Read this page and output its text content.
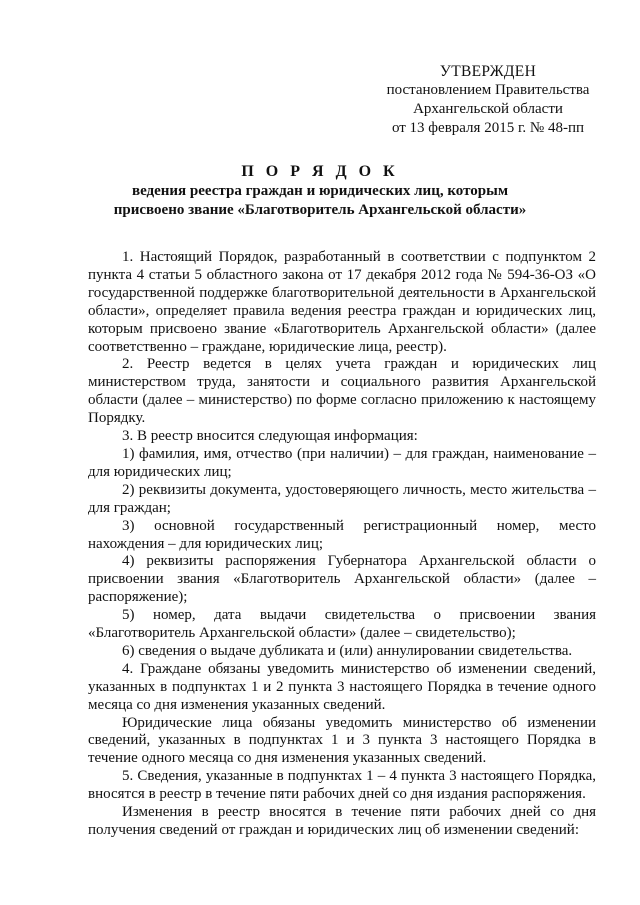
УТВЕРЖДЕН
постановлением Правительства
Архангельской области
от 13 февраля 2015 г. № 48-пп
П О Р Я Д О К
ведения реестра граждан и юридических лиц, которым
присвоено звание «Благотворитель Архангельской области»

1. Настоящий Порядок, разработанный в соответствии с подпунктом 2 пункта 4 статьи 5 областного закона от 17 декабря 2012 года № 594-36-ОЗ «О государственной поддержке благотворительной деятельности в Архангельской области», определяет правила ведения реестра граждан и юридических лиц, которым присвоено звание «Благотворитель Архангельской области» (далее соответственно – граждане, юридические лица, реестр).

2. Реестр ведется в целях учета граждан и юридических лиц министерством труда, занятости и социального развития Архангельской области (далее – министерство) по форме согласно приложению к настоящему Порядку.

3. В реестр вносится следующая информация:

1) фамилия, имя, отчество (при наличии) – для граждан, наименование – для юридических лиц;

2) реквизиты документа, удостоверяющего личность, место жительства – для граждан;

3) основной государственный регистрационный номер, место нахождения – для юридических лиц;

4) реквизиты распоряжения Губернатора Архангельской области о присвоении звания «Благотворитель Архангельской области» (далее – распоряжение);

5) номер, дата выдачи свидетельства о присвоении звания «Благотворитель Архангельской области» (далее – свидетельство);

6) сведения о выдаче дубликата и (или) аннулировании свидетельства.

4. Граждане обязаны уведомить министерство об изменении сведений, указанных в подпунктах 1 и 2 пункта 3 настоящего Порядка в течение одного месяца со дня изменения указанных сведений.

Юридические лица обязаны уведомить министерство об изменении сведений, указанных в подпунктах 1 и 3 пункта 3 настоящего Порядка в течение одного месяца со дня изменения указанных сведений.

5. Сведения, указанные в подпунктах 1 – 4 пункта 3 настоящего Порядка, вносятся в реестр в течение пяти рабочих дней со дня издания распоряжения.

Изменения в реестр вносятся в течение пяти рабочих дней со дня получения сведений от граждан и юридических лиц об изменении сведений:
